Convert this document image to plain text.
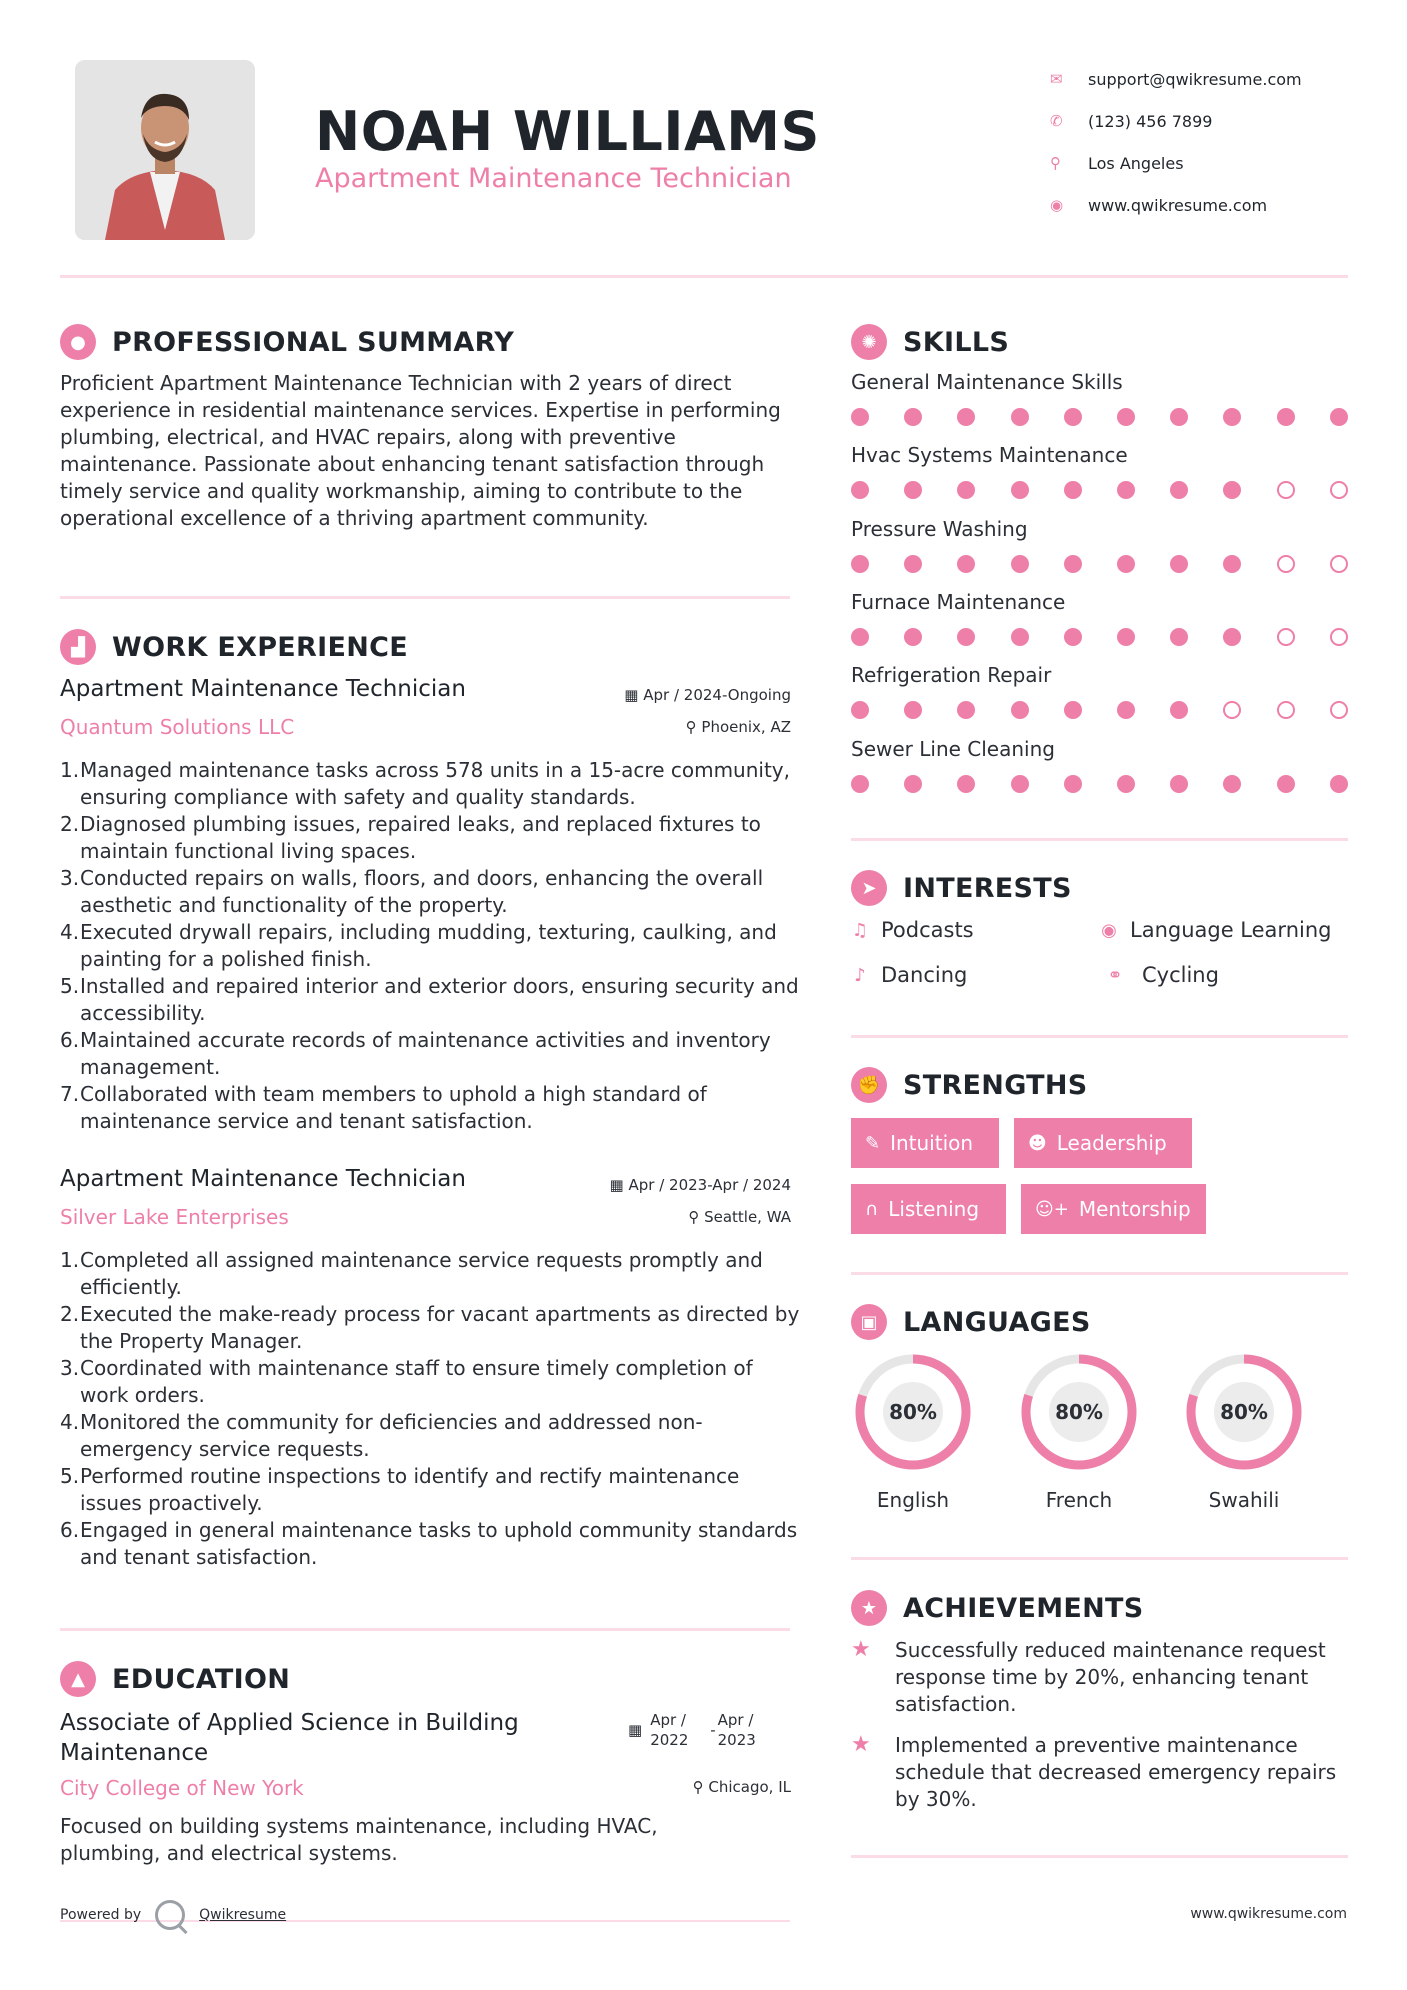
NOAH WILLIAMS
Apartment Maintenance Technician
✉	support@qwikresume.com
✆	(123) 456 7899
⚲	Los Angeles
◉	www.qwikresume.com
● PROFESSIONAL SUMMARY
Proficient Apartment Maintenance Technician with 2 years of direct experience in residential maintenance services. Expertise in performing plumbing, electrical, and HVAC repairs, along with preventive maintenance. Passionate about enhancing tenant satisfaction through timely service and quality workmanship, aiming to contribute to the operational excellence of a thriving apartment community.
▟	WORK EXPERIENCE
Apartment Maintenance Technician	▦ Apr / 2024-Ongoing
Quantum Solutions LLC	⚲ Phoenix, AZ
1. Managed maintenance tasks across 578 units in a 15-acre community, ensuring compliance with safety and quality standards.
2. Diagnosed plumbing issues, repaired leaks, and replaced fixtures to maintain functional living spaces.
3. Conducted repairs on walls, floors, and doors, enhancing the overall aesthetic and functionality of the property.
4. Executed drywall repairs, including mudding, texturing, caulking, and painting for a polished finish.
5. Installed and repaired interior and exterior doors, ensuring security and accessibility.
6. Maintained accurate records of maintenance activities and inventory management.
7. Collaborated with team members to uphold a high standard of maintenance service and tenant satisfaction.
Apartment Maintenance Technician	▦ Apr / 2023-Apr / 2024
Silver Lake Enterprises	⚲ Seattle, WA
1. Completed all assigned maintenance service requests promptly and efficiently.
2. Executed the make-ready process for vacant apartments as directed by the Property Manager.
3. Coordinated with maintenance staff to ensure timely completion of work orders.
4. Monitored the community for deficiencies and addressed non-emergency service requests.
5. Performed routine inspections to identify and rectify maintenance issues proactively.
6. Engaged in general maintenance tasks to uphold community standards and tenant satisfaction.
▲	EDUCATION
Associate of Applied Science in Building Maintenance
▦
Apr / 2022
-
Apr / 2023
City College of New York	⚲ Chicago, IL
Focused on building systems maintenance, including HVAC, plumbing, and electrical systems.
✺ SKILLS
General Maintenance Skills
Hvac Systems Maintenance
Pressure Washing
Furnace Maintenance
Refrigeration Repair
Sewer Line Cleaning
➤ INTERESTS
♫ Podcasts	◉ Language Learning
♪ Dancing	⚭ Cycling
✊ STRENGTHS
✎ Intuition	☻ Leadership
∩ Listening	☺+ Mentorship
▣ LANGUAGES
80%
English
80%
French
80%
Swahili
★ ACHIEVEMENTS
★	Successfully reduced maintenance request response time by 20%, enhancing tenant satisfaction.
★	Implemented a preventive maintenance schedule that decreased emergency repairs by 30%.
Powered by	Qwikresume	www.qwikresume.com
